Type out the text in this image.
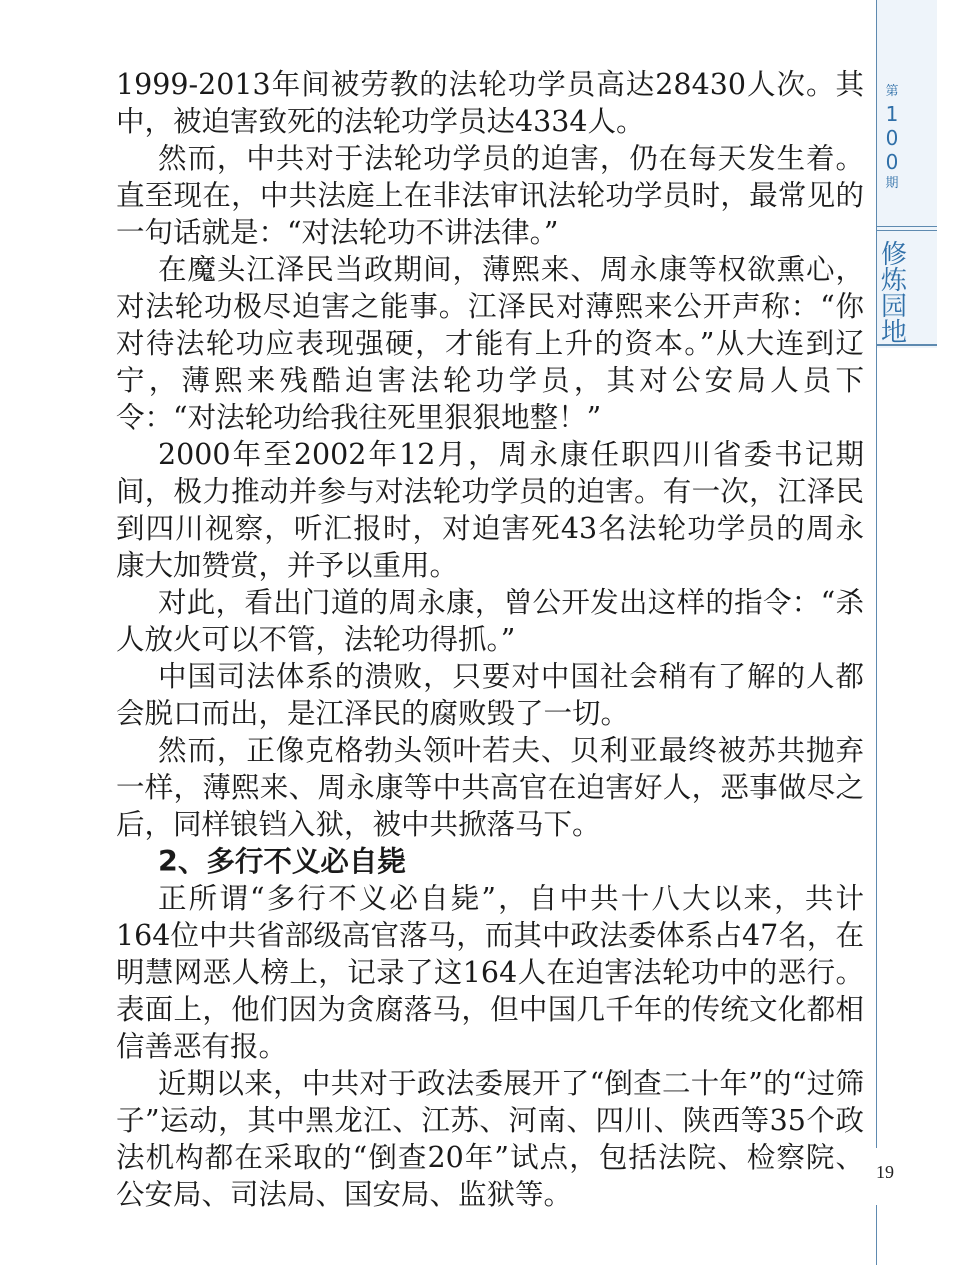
第
1
0
0
期
修
炼
园
地

1999-2013年间被劳教的法轮功学员高达28430人次。其中，被迫害致死的法轮功学员达4334人。

然而，中共对于法轮功学员的迫害，仍在每天发生着。直至现在，中共法庭上在非法审讯法轮功学员时，最常见的一句话就是：“对法轮功不讲法律。”

在魔头江泽民当政期间，薄熙来、周永康等权欲熏心，对法轮功极尽迫害之能事。江泽民对薄熙来公开声称：“你对待法轮功应表现强硬，才能有上升的资本。”从大连到辽宁，薄熙来残酷迫害法轮功学员，其对公安局人员下令：“对法轮功给我往死里狠狠地整！”

2000年至2002年12月，周永康任职四川省委书记期间，极力推动并参与对法轮功学员的迫害。有一次，江泽民到四川视察，听汇报时，对迫害死43名法轮功学员的周永康大加赞赏，并予以重用。

对此，看出门道的周永康，曾公开发出这样的指令：“杀人放火可以不管，法轮功得抓。”

中国司法体系的溃败，只要对中国社会稍有了解的人都会脱口而出，是江泽民的腐败毁了一切。

然而，正像克格勃头领叶若夫、贝利亚最终被苏共抛弃一样，薄熙来、周永康等中共高官在迫害好人，恶事做尽之后，同样锒铛入狱，被中共掀落马下。

2、多行不义必自毙

正所谓“多行不义必自毙”，自中共十八大以来，共计164位中共省部级高官落马，而其中政法委体系占47名，在明慧网恶人榜上，记录了这164人在迫害法轮功中的恶行。表面上，他们因为贪腐落马，但中国几千年的传统文化都相信善恶有报。

近期以来，中共对于政法委展开了“倒查二十年”的“过筛子”运动，其中黑龙江、江苏、河南、四川、陕西等35个政法机构都在采取的“倒查20年”试点，包括法院、检察院、公安局、司法局、国安局、监狱等。

19
